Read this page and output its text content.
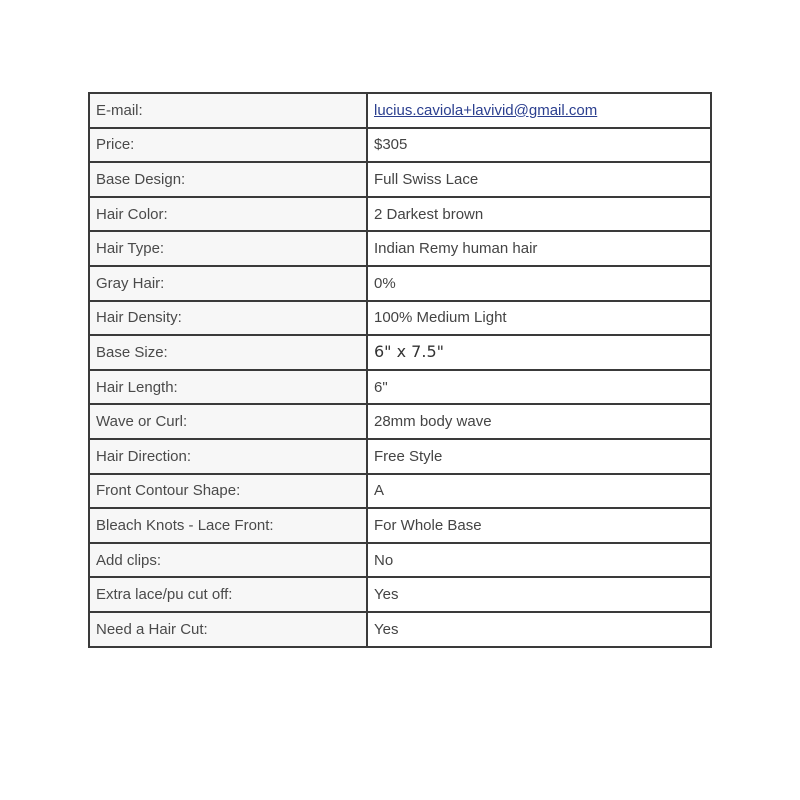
E-mail:	lucius.caviola+lavivid@gmail.com
Price:	$305
Base Design:	Full Swiss Lace
Hair Color:	2 Darkest brown
Hair Type:	Indian Remy human hair
Gray Hair:	0%
Hair Density:	100% Medium Light
Base Size:	6" x 7.5"
Hair Length:	6"
Wave or Curl:	28mm body wave
Hair Direction:	Free Style
Front Contour Shape:	A
Bleach Knots - Lace Front:	For Whole Base
Add clips:	No
Extra lace/pu cut off:	Yes
Need a Hair Cut:	Yes
